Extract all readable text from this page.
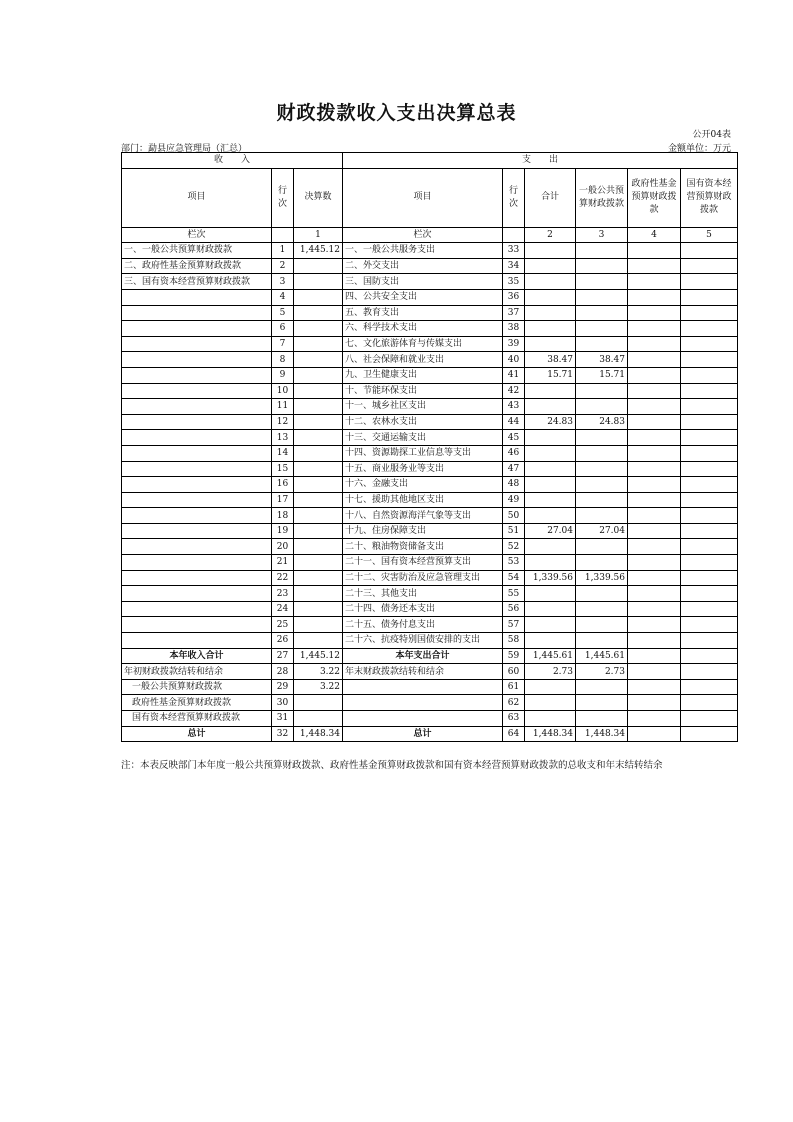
财政拨款收入支出决算总表
公开04表
部门：勐县应急管理局（汇总）	金额单位：万元
收　　入			支　　出					
项目	行次	决算数	项目	行次	合计	一般公共预算财政拨款	政府性基金预算财政拨款	国有资本经营预算财政拨款
栏次		1	栏次		2	3	4	5
一、一般公共预算财政拨款	1	1,445.12	一、一般公共服务支出	33				
二、政府性基金预算财政拨款	2		二、外交支出	34				
三、国有资本经营预算财政拨款	3		三、国防支出	35				
	4		四、公共安全支出	36				
	5		五、教育支出	37				
	6		六、科学技术支出	38				
	7		七、文化旅游体育与传媒支出	39				
	8		八、社会保障和就业支出	40	38.47	38.47		
	9		九、卫生健康支出	41	15.71	15.71		
	10		十、节能环保支出	42				
	11		十一、城乡社区支出	43				
	12		十二、农林水支出	44	24.83	24.83		
	13		十三、交通运输支出	45				
	14		十四、资源勘探工业信息等支出	46				
	15		十五、商业服务业等支出	47				
	16		十六、金融支出	48				
	17		十七、援助其他地区支出	49				
	18		十八、自然资源海洋气象等支出	50				
	19		十九、住房保障支出	51	27.04	27.04		
	20		二十、粮油物资储备支出	52				
	21		二十一、国有资本经营预算支出	53				
	22		二十二、灾害防治及应急管理支出	54	1,339.56	1,339.56		
	23		二十三、其他支出	55				
	24		二十四、债务还本支出	56				
	25		二十五、债务付息支出	57				
	26		二十六、抗疫特别国债安排的支出	58				
本年收入合计	27	1,445.12	本年支出合计	59	1,445.61	1,445.61		
年初财政拨款结转和结余	28	3.22	年末财政拨款结转和结余	60	2.73	2.73		
一般公共预算财政拨款	29	3.22		61				
政府性基金预算财政拨款	30			62				
国有资本经营预算财政拨款	31			63				
总计	32	1,448.34	总计	64	1,448.34	1,448.34		
注：本表反映部门本年度一般公共预算财政拨款、政府性基金预算财政拨款和国有资本经营预算财政拨款的总收支和年末结转结余
